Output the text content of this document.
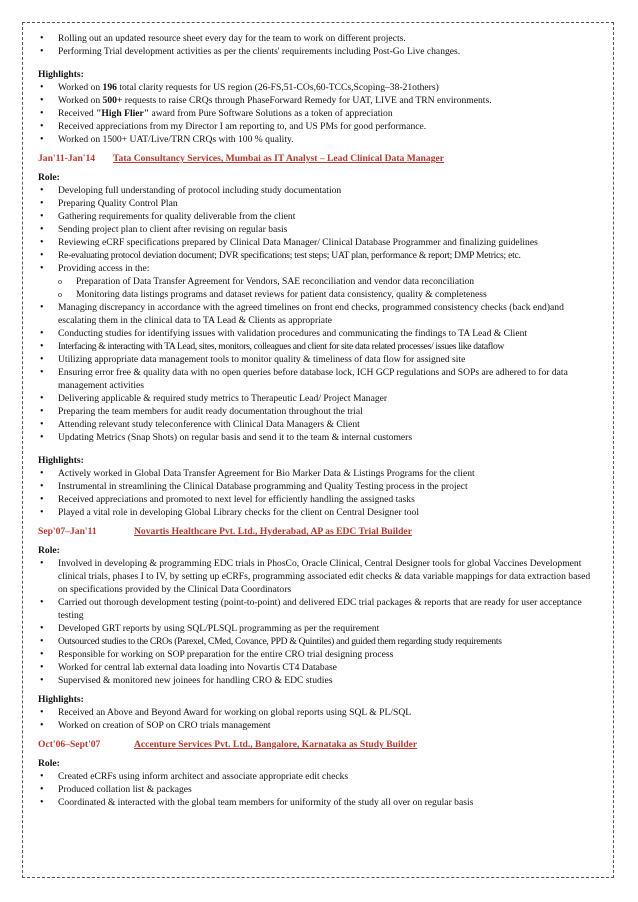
• Rolling out an updated resource sheet every day for the team to work on different projects.
• Performing Trial development activities as per the clients' requirements including Post-Go Live changes.
Highlights:
• Worked on 196 total clarity requests for US region (26-FS,51-COs,60-TCCs,Scoping–38-21others)
• Worked on 500+ requests to raise CRQs through PhaseForward Remedy for UAT, LIVE and TRN environments.
• Received "High Flier" award from Pure Software Solutions as a token of appreciation
• Received appreciations from my Director I am reporting to, and US PMs for good performance.
• Worked on 1500+ UAT/Live/TRN CRQs with 100 % quality.
Jan'11-Jan'14 Tata Consultancy Services, Mumbai as IT Analyst – Lead Clinical Data Manager
Role:
• Developing full understanding of protocol including study documentation
• Preparing Quality Control Plan
• Gathering requirements for quality deliverable from the client
• Sending project plan to client after revising on regular basis
• Reviewing eCRF specifications prepared by Clinical Data Manager/ Clinical Database Programmer and finalizing guidelines
• Re-evaluating protocol deviation document; DVR specifications; test steps; UAT plan, performance & report; DMP Metrics; etc.
• Providing access in the:
o Preparation of Data Transfer Agreement for Vendors, SAE reconciliation and vendor data reconciliation
o Monitoring data listings programs and dataset reviews for patient data consistency, quality & completeness
• Managing discrepancy in accordance with the agreed timelines on front end checks, programmed consistency checks (back end)and escalating them in the clinical data to TA Lead & Clients as appropriate
• Conducting studies for identifying issues with validation procedures and communicating the findings to TA Lead & Client
• Interfacing & interacting with TA Lead, sites, monitors, colleagues and client for site data related processes/ issues like dataflow
• Utilizing appropriate data management tools to monitor quality & timeliness of data flow for assigned site
• Ensuring error free & quality data with no open queries before database lock, ICH GCP regulations and SOPs are adhered to for data management activities
• Delivering applicable & required study metrics to Therapeutic Lead/ Project Manager
• Preparing the team members for audit ready documentation throughout the trial
• Attending relevant study teleconference with Clinical Data Managers & Client
• Updating Metrics (Snap Shots) on regular basis and send it to the team & internal customers
Highlights:
• Actively worked in Global Data Transfer Agreement for Bio Marker Data & Listings Programs for the client
• Instrumental in streamlining the Clinical Database programming and Quality Testing process in the project
• Received appreciations and promoted to next level for efficiently handling the assigned tasks
• Played a vital role in developing Global Library checks for the client on Central Designer tool
Sep'07–Jan'11	Novartis Healthcare Pvt. Ltd., Hyderabad, AP as EDC Trial Builder
Role:
• Involved in developing & programming EDC trials in PhosCo, Oracle Clinical, Central Designer tools for global Vaccines Development clinical trials, phases I to IV, by setting up eCRFs, programming associated edit checks & data variable mappings for data extraction based on specifications provided by the Clinical Data Coordinators
• Carried out thorough development testing (point-to-point) and delivered EDC trial packages & reports that are ready for user acceptance testing
• Developed GRT reports by using SQL/PLSQL programming as per the requirement
• Outsourced studies to the CROs (Parexel, CMed, Covance, PPD & Quintiles) and guided them regarding study requirements
• Responsible for working on SOP preparation for the entire CRO trial designing process
• Worked for central lab external data loading into Novartis CT4 Database
• Supervised & monitored new joinees for handling CRO & EDC studies
Highlights:
• Received an Above and Beyond Award for working on global reports using SQL & PL/SQL
• Worked on creation of SOP on CRO trials management
Oct'06–Sept'07	Accenture Services Pvt. Ltd., Bangalore, Karnataka as Study Builder
Role:
• Created eCRFs using inform architect and associate appropriate edit checks
• Produced collation list & packages
• Coordinated & interacted with the global team members for uniformity of the study all over on regular basis
